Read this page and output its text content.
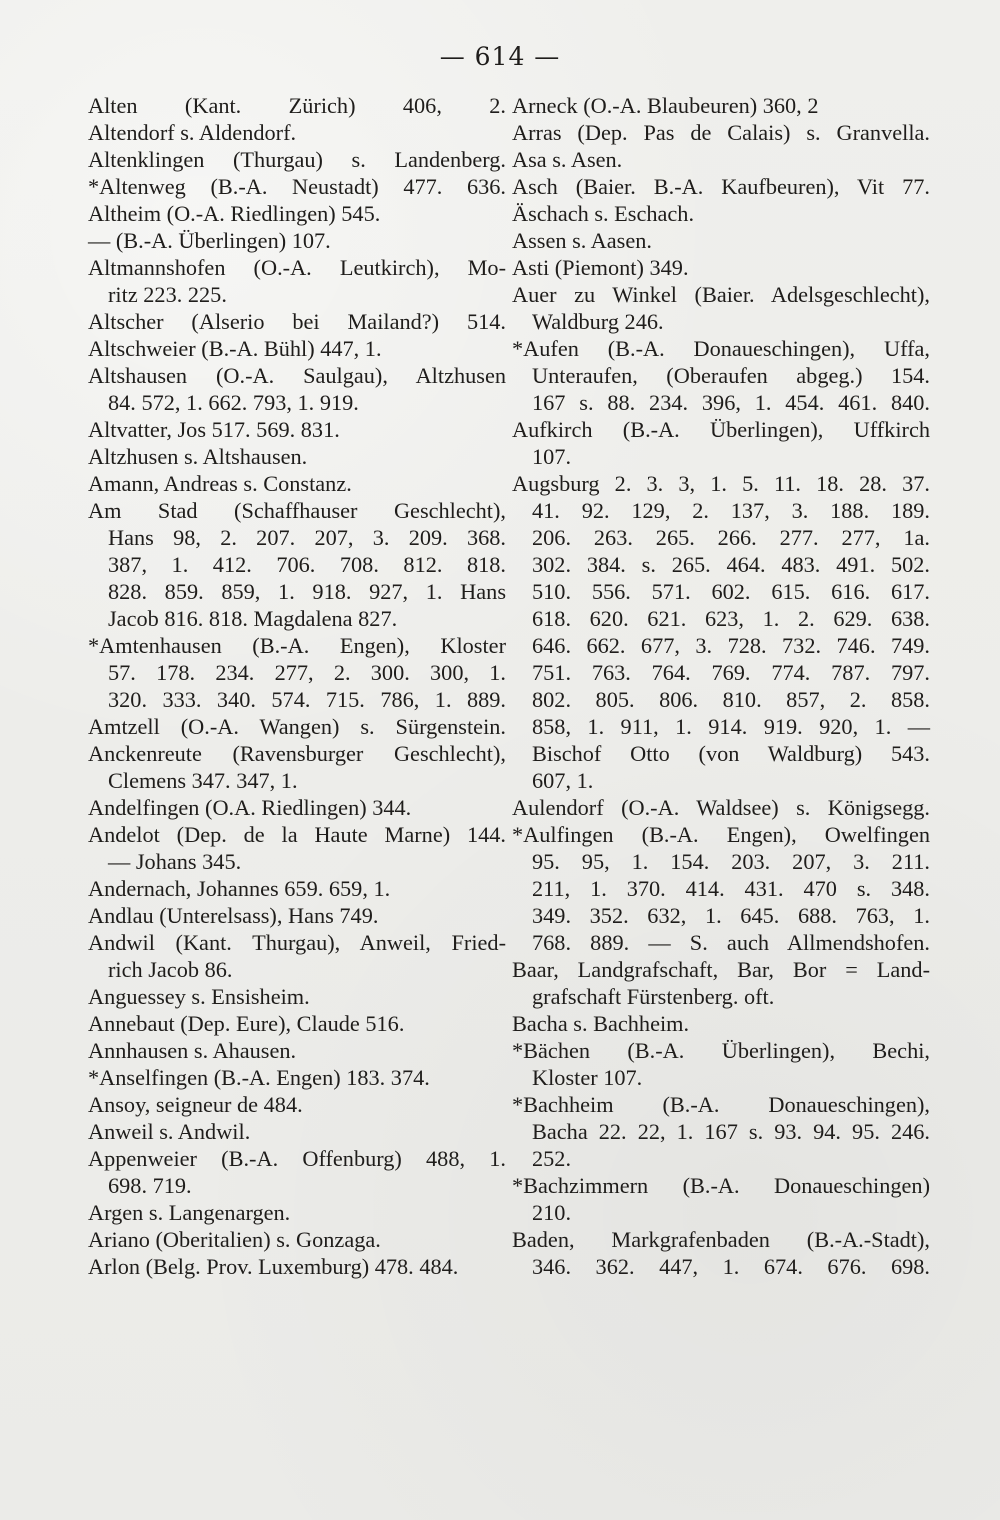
— 614 —
Alten (Kant. Zürich) 406, 2.
Altendorf s. Aldendorf.
Altenklingen (Thurgau) s. Landenberg.
*Altenweg (B.-A. Neustadt) 477. 636.
Altheim (O.-A. Riedlingen) 545.
— (B.-A. Überlingen) 107.
Altmannshofen (O.-A. Leutkirch), Mo-
ritz 223. 225.
Altscher (Alserio bei Mailand?) 514.
Altschweier (B.-A. Bühl) 447, 1.
Altshausen (O.-A. Saulgau), Altzhusen
84. 572, 1. 662. 793, 1. 919.
Altvatter, Jos 517. 569. 831.
Altzhusen s. Altshausen.
Amann, Andreas s. Constanz.
Am Stad (Schaffhauser Geschlecht),
Hans 98, 2. 207. 207, 3. 209. 368.
387, 1. 412. 706. 708. 812. 818.
828. 859. 859, 1. 918. 927, 1. Hans
Jacob 816. 818. Magdalena 827.
*Amtenhausen (B.-A. Engen), Kloster
57. 178. 234. 277, 2. 300. 300, 1.
320. 333. 340. 574. 715. 786, 1. 889.
Amtzell (O.-A. Wangen) s. Sürgenstein.
Anckenreute (Ravensburger Geschlecht),
Clemens 347. 347, 1.
Andelfingen (O.A. Riedlingen) 344.
Andelot (Dep. de la Haute Marne) 144.
— Johans 345.
Andernach, Johannes 659. 659, 1.
Andlau (Unterelsass), Hans 749.
Andwil (Kant. Thurgau), Anweil, Fried-
rich Jacob 86.
Anguessey s. Ensisheim.
Annebaut (Dep. Eure), Claude 516.
Annhausen s. Ahausen.
*Anselfingen (B.-A. Engen) 183. 374.
Ansoy, seigneur de 484.
Anweil s. Andwil.
Appenweier (B.-A. Offenburg) 488, 1.
698. 719.
Argen s. Langenargen.
Ariano (Oberitalien) s. Gonzaga.
Arlon (Belg. Prov. Luxemburg) 478. 484.
Arneck (O.-A. Blaubeuren) 360, 2
Arras (Dep. Pas de Calais) s. Granvella.
Asa s. Asen.
Asch (Baier. B.-A. Kaufbeuren), Vit 77.
Äschach s. Eschach.
Assen s. Aasen.
Asti (Piemont) 349.
Auer zu Winkel (Baier. Adelsgeschlecht),
Waldburg 246.
*Aufen (B.-A. Donaueschingen), Uffa,
Unteraufen, (Oberaufen abgeg.) 154.
167 s. 88. 234. 396, 1. 454. 461. 840.
Aufkirch (B.-A. Überlingen), Uffkirch
107.
Augsburg 2. 3. 3, 1. 5. 11. 18. 28. 37.
41. 92. 129, 2. 137, 3. 188. 189.
206. 263. 265. 266. 277. 277, 1a.
302. 384. s. 265. 464. 483. 491. 502.
510. 556. 571. 602. 615. 616. 617.
618. 620. 621. 623, 1. 2. 629. 638.
646. 662. 677, 3. 728. 732. 746. 749.
751. 763. 764. 769. 774. 787. 797.
802. 805. 806. 810. 857, 2. 858.
858, 1. 911, 1. 914. 919. 920, 1. —
Bischof Otto (von Waldburg) 543.
607, 1.
Aulendorf (O.-A. Waldsee) s. Königsegg.
*Aulfingen (B.-A. Engen), Owelfingen
95. 95, 1. 154. 203. 207, 3. 211.
211, 1. 370. 414. 431. 470 s. 348.
349. 352. 632, 1. 645. 688. 763, 1.
768. 889. — S. auch Allmendshofen.
Baar, Landgrafschaft, Bar, Bor = Land-
grafschaft Fürstenberg. oft.
Bacha s. Bachheim.
*Bächen (B.-A. Überlingen), Bechi,
Kloster 107.
*Bachheim (B.-A. Donaueschingen),
Bacha 22. 22, 1. 167 s. 93. 94. 95. 246.
252.
*Bachzimmern (B.-A. Donaueschingen)
210.
Baden, Markgrafenbaden (B.-A.-Stadt),
346. 362. 447, 1. 674. 676. 698.
